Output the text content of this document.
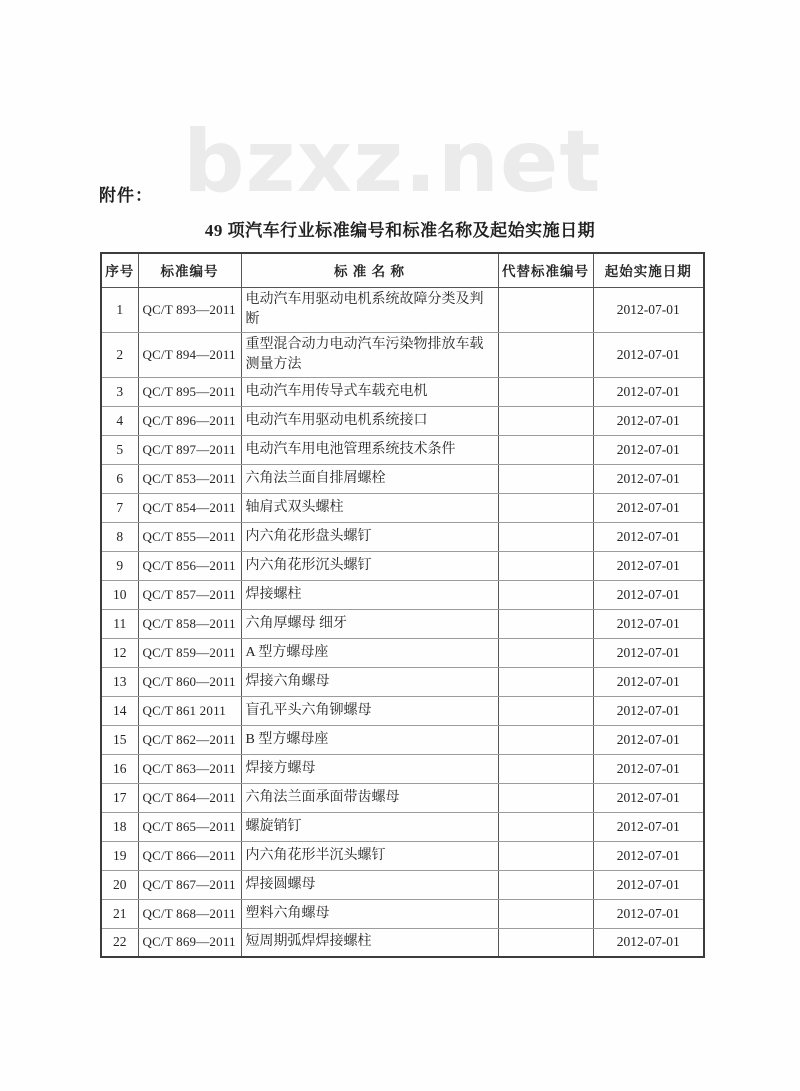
bzxz.net
附件：
49 项汽车行业标准编号和标准名称及起始实施日期
序号	标准编号	标 准 名 称	代替标准编号	起始实施日期
1	QC/T 893—2011	电动汽车用驱动电机系统故障分类及判断		2012-07-01
2	QC/T 894—2011	重型混合动力电动汽车污染物排放车载测量方法		2012-07-01
3	QC/T 895—2011	电动汽车用传导式车载充电机		2012-07-01
4	QC/T 896—2011	电动汽车用驱动电机系统接口		2012-07-01
5	QC/T 897—2011	电动汽车用电池管理系统技术条件		2012-07-01
6	QC/T 853—2011	六角法兰面自排屑螺栓		2012-07-01
7	QC/T 854—2011	轴肩式双头螺柱		2012-07-01
8	QC/T 855—2011	内六角花形盘头螺钉		2012-07-01
9	QC/T 856—2011	内六角花形沉头螺钉		2012-07-01
10	QC/T 857—2011	焊接螺柱		2012-07-01
11	QC/T 858—2011	六角厚螺母 细牙		2012-07-01
12	QC/T 859—2011	A 型方螺母座		2012-07-01
13	QC/T 860—2011	焊接六角螺母		2012-07-01
14	QC/T 861 2011	盲孔平头六角铆螺母		2012-07-01
15	QC/T 862—2011	B 型方螺母座		2012-07-01
16	QC/T 863—2011	焊接方螺母		2012-07-01
17	QC/T 864—2011	六角法兰面承面带齿螺母		2012-07-01
18	QC/T 865—2011	螺旋销钉		2012-07-01
19	QC/T 866—2011	内六角花形半沉头螺钉		2012-07-01
20	QC/T 867—2011	焊接圆螺母		2012-07-01
21	QC/T 868—2011	塑料六角螺母		2012-07-01
22	QC/T 869—2011	短周期弧焊焊接螺柱		2012-07-01
